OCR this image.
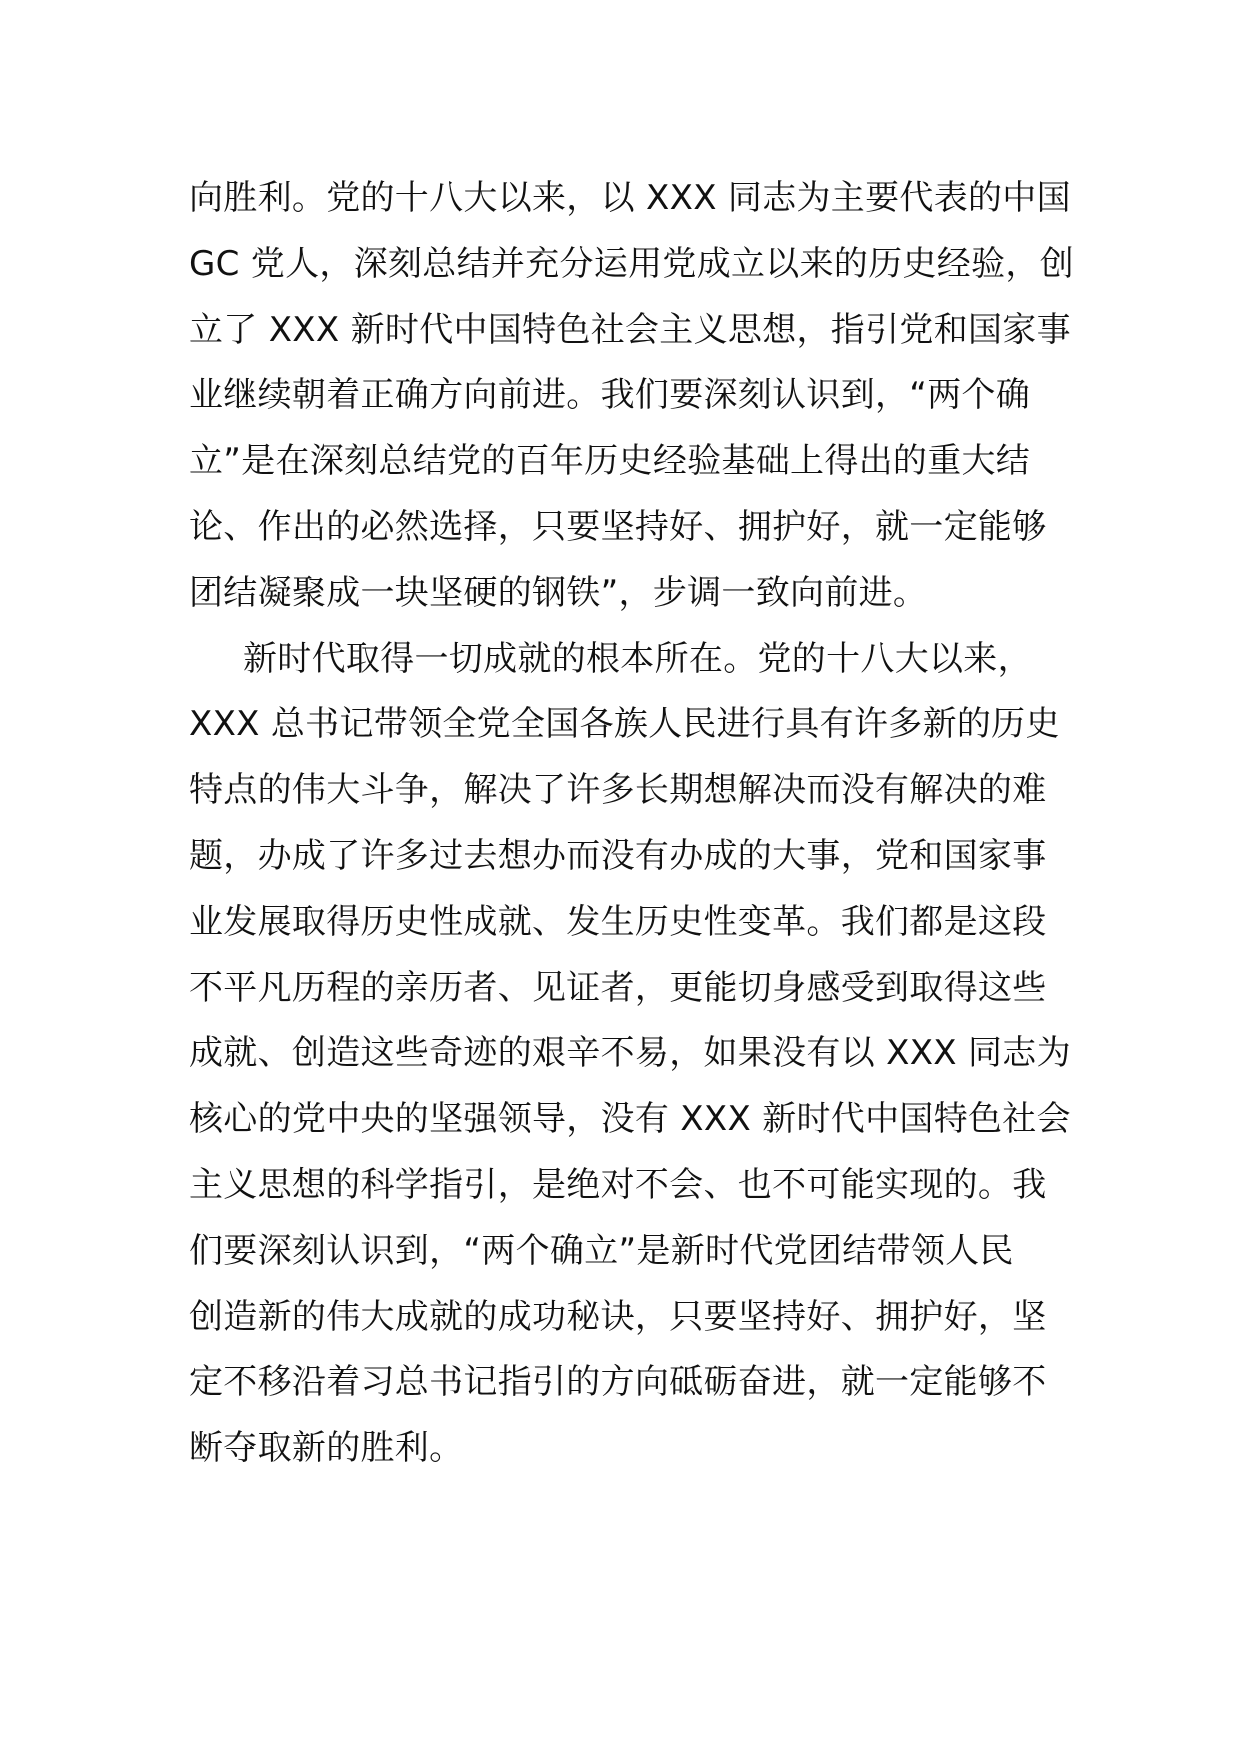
向胜利。党的十八大以来，以 XXX 同志为主要代表的中国
GC 党人，深刻总结并充分运用党成立以来的历史经验，创
立了 XXX 新时代中国特色社会主义思想，指引党和国家事
业继续朝着正确方向前进。我们要深刻认识到，“两个确
立”是在深刻总结党的百年历史经验基础上得出的重大结
论、作出的必然选择，只要坚持好、拥护好，就一定能够
团结凝聚成一块坚硬的钢铁”，步调一致向前进。
新时代取得一切成就的根本所在。党的十八大以来，
XXX 总书记带领全党全国各族人民进行具有许多新的历史
特点的伟大斗争，解决了许多长期想解决而没有解决的难
题，办成了许多过去想办而没有办成的大事，党和国家事
业发展取得历史性成就、发生历史性变革。我们都是这段
不平凡历程的亲历者、见证者，更能切身感受到取得这些
成就、创造这些奇迹的艰辛不易，如果没有以 XXX 同志为
核心的党中央的坚强领导，没有 XXX 新时代中国特色社会
主义思想的科学指引，是绝对不会、也不可能实现的。我
们要深刻认识到，“两个确立”是新时代党团结带领人民
创造新的伟大成就的成功秘诀，只要坚持好、拥护好，坚
定不移沿着习总书记指引的方向砥砺奋进，就一定能够不
断夺取新的胜利。
